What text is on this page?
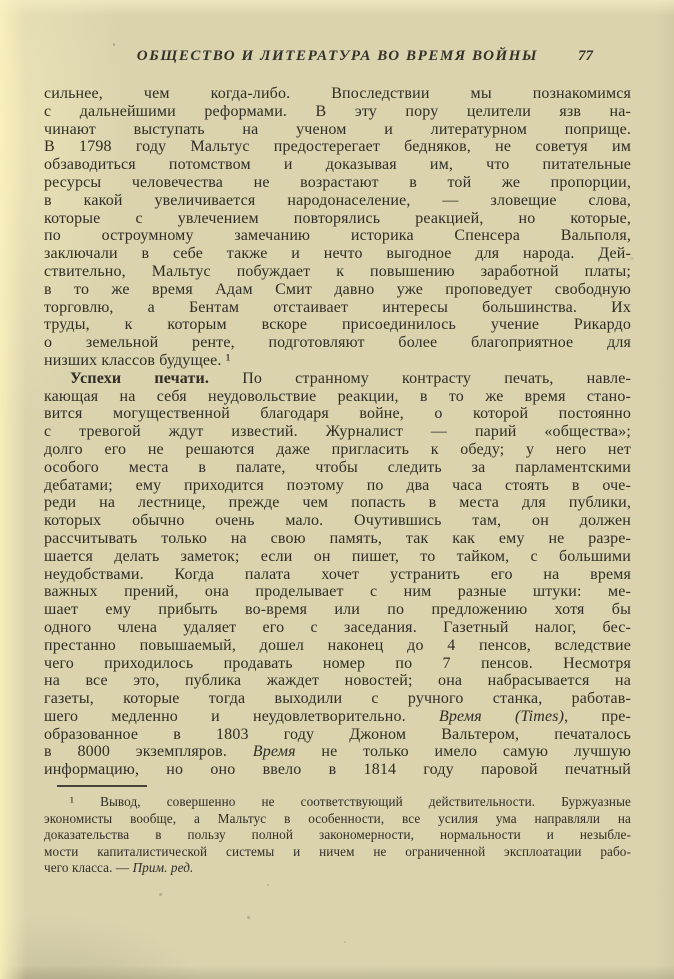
ОБЩЕСТВО И ЛИТЕРАТУРА ВО ВРЕМЯ ВОЙНЫ	77
сильнее, чем когда-либо. Впоследствии мы познакомимся
с дальнейшими реформами. В эту пору целители язв на-
чинают выступать на ученом и литературном поприще.
В 1798 году Мальтус предостерегает бедняков, не советуя им
обзаводиться потомством и доказывая им, что питательные
ресурсы человечества не возрастают в той же пропорции,
в какой увеличивается народонаселение, — зловещие слова,
которые с увлечением повторялись реакцией, но которые,
по остроумному замечанию историка Спенсера Вальполя,
заключали в себе также и нечто выгодное для народа. Дей-
ствительно, Мальтус побуждает к повышению заработной платы;
в то же время Адам Смит давно уже проповедует свободную
торговлю, а Бентам отстаивает интересы большинства. Их
труды, к которым вскоре присоединилось учение Рикардо
о земельной ренте, подготовляют более благоприятное для
низших классов будущее. ¹
Успехи печати. По странному контрасту печать, навле-
кающая на себя неудовольствие реакции, в то же время стано-
вится могущественной благодаря войне, о которой постоянно
с тревогой ждут известий. Журналист — парий «общества»;
долго его не решаются даже пригласить к обеду; у него нет
особого места в палате, чтобы следить за парламентскими
дебатами; ему приходится поэтому по два часа стоять в оче-
реди на лестнице, прежде чем попасть в места для публики,
которых обычно очень мало. Очутившись там, он должен
рассчитывать только на свою память, так как ему не разре-
шается делать заметок; если он пишет, то тайком, с большими
неудобствами. Когда палата хочет устранить его на время
важных прений, она проделывает с ним разные штуки: ме-
шает ему прибыть во-время или по предложению хотя бы
одного члена удаляет его с заседания. Газетный налог, бес-
престанно повышаемый, дошел наконец до 4 пенсов, вследствие
чего приходилось продавать номер по 7 пенсов. Несмотря
на все это, публика жаждет новостей; она набрасывается на
газеты, которые тогда выходили с ручного станка, работав-
шего медленно и неудовлетворительно. Время (Times), пре-
образованное в 1803 году Джоном Вальтером, печаталось
в 8000 экземпляров. Время не только имело самую лучшую
информацию, но оно ввело в 1814 году паровой печатный
¹ Вывод, совершенно не соответствующий действительности. Буржуазные
экономисты вообще, а Мальтус в особенности, все усилия ума направляли на
доказательства в пользу полной закономерности, нормальности и незыбле-
мости капиталистической системы и ничем не ограниченной эксплоатации рабо-
чего класса. — Прим. ред.
